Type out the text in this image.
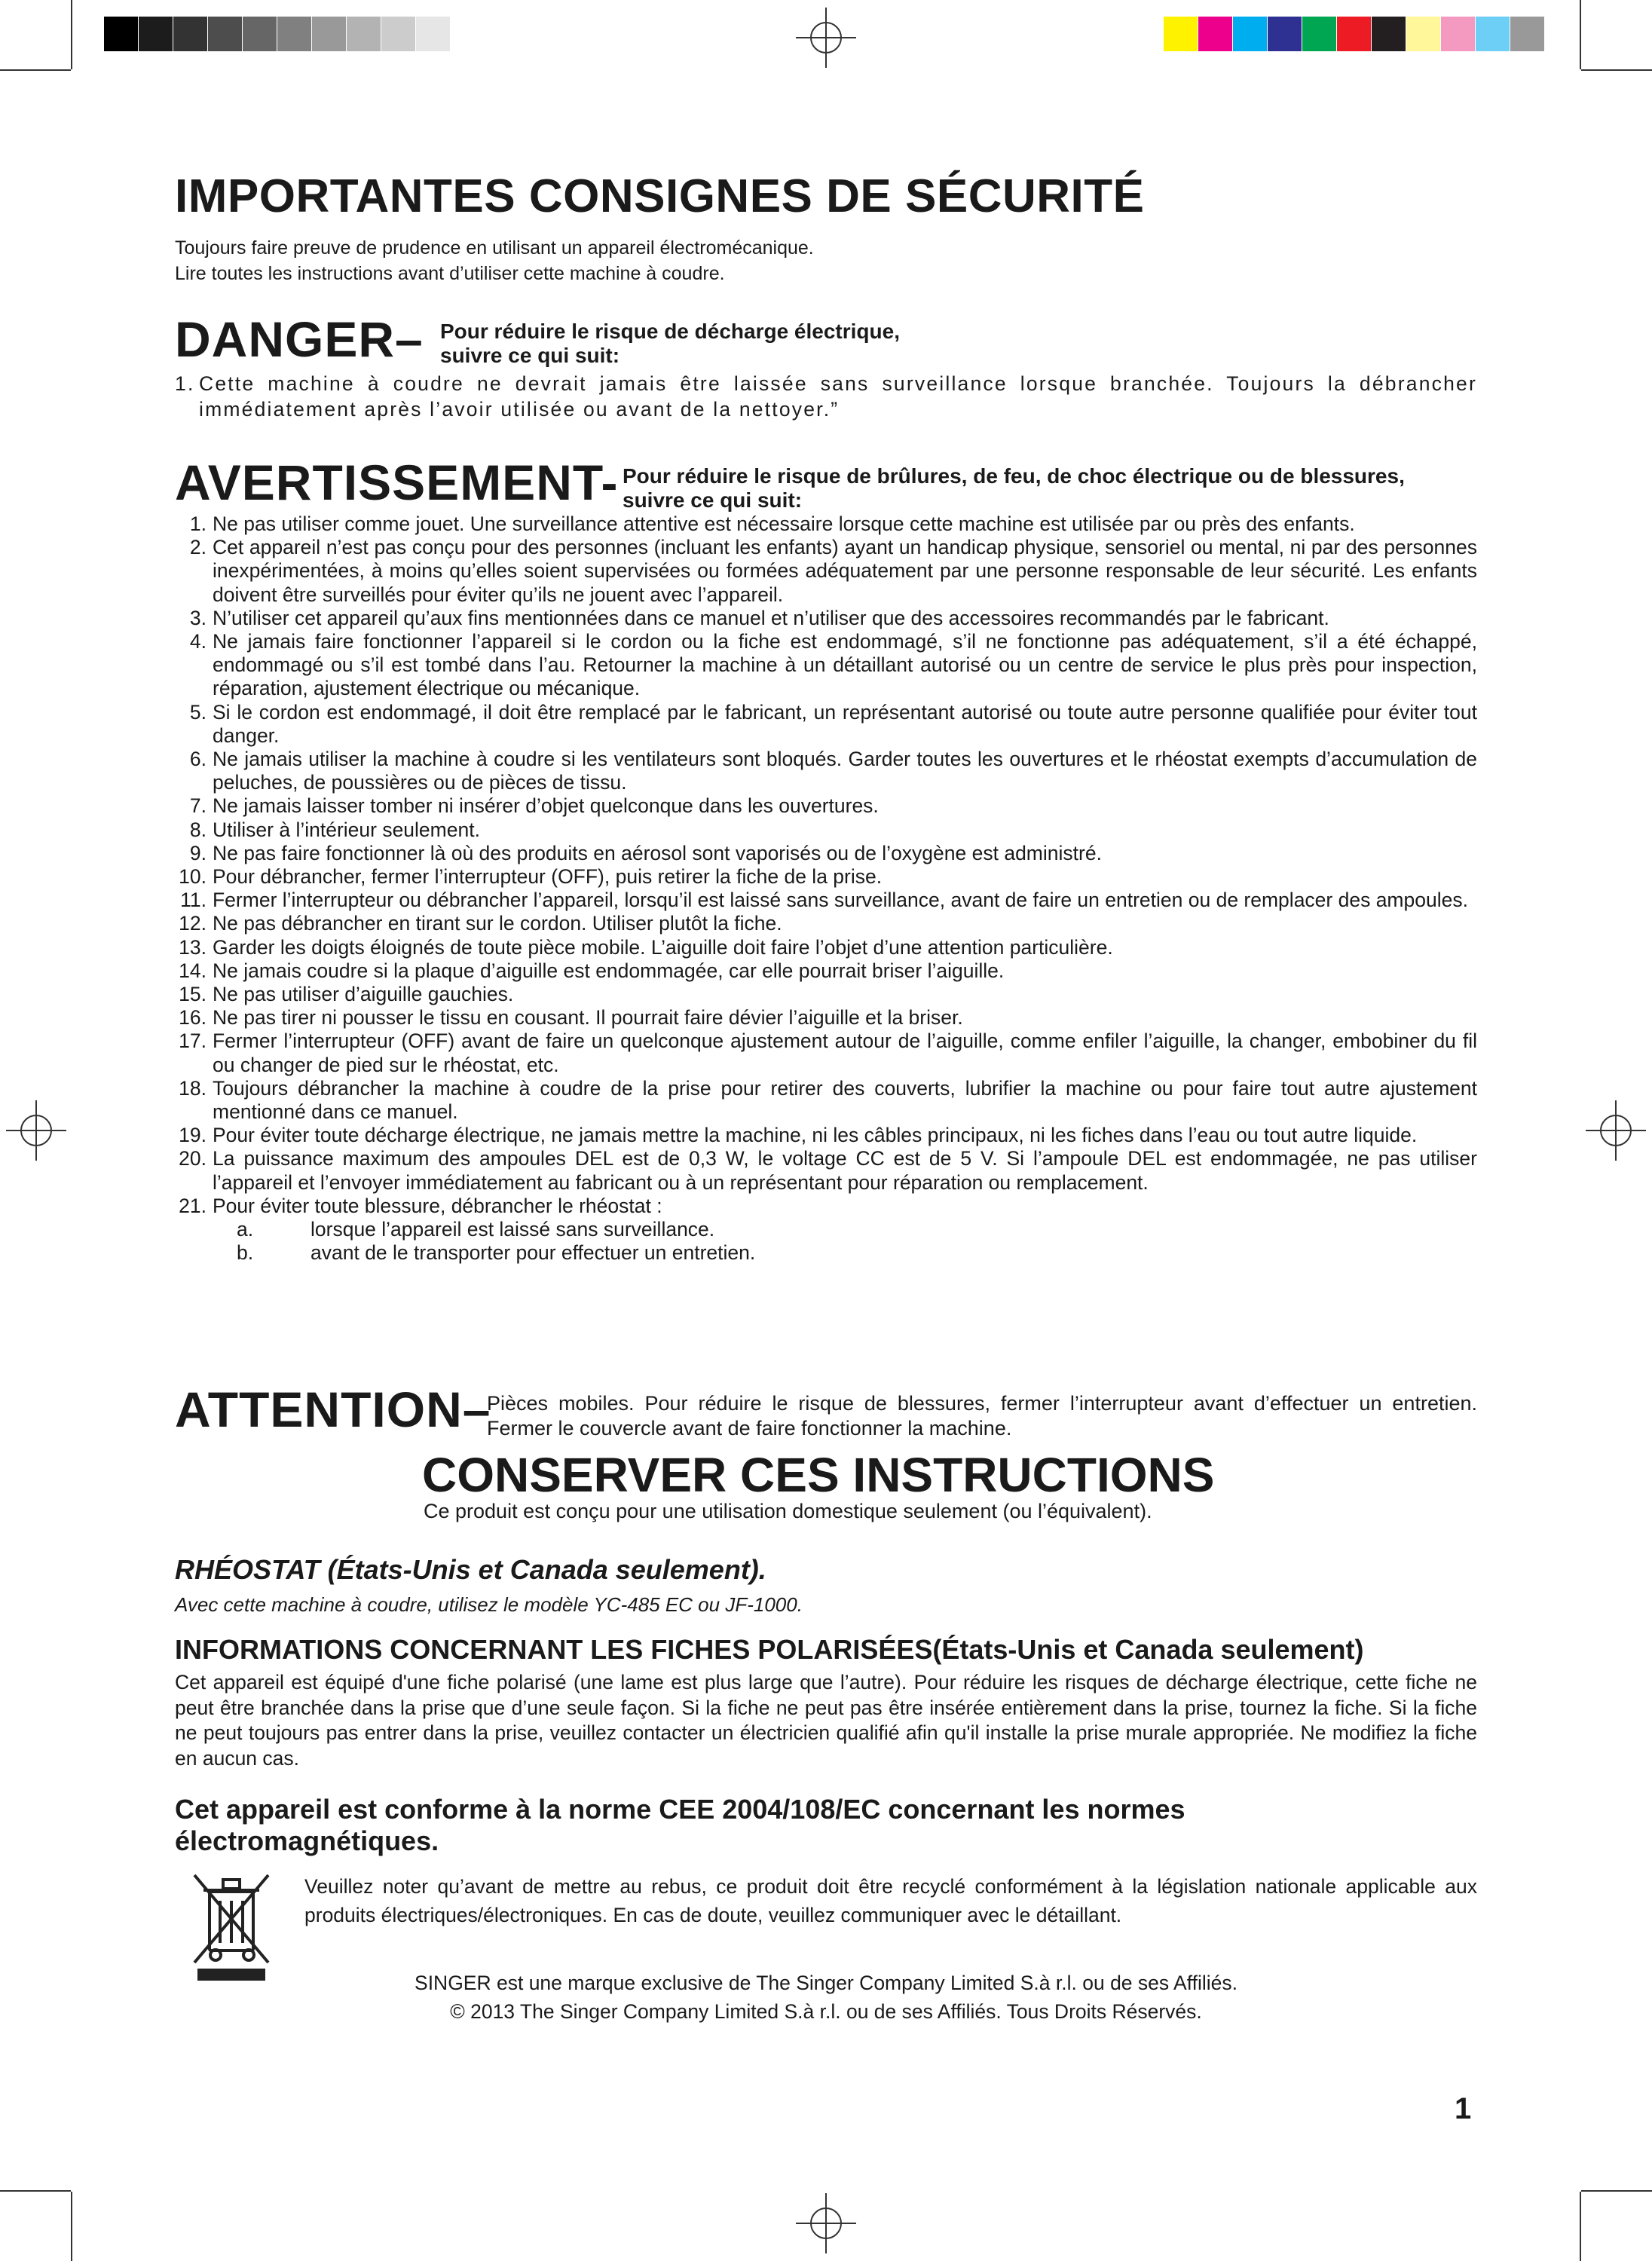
IMPORTANTES CONSIGNES DE SÉCURITÉ
Toujours faire preuve de prudence en utilisant un appareil électromécanique.
Lire toutes les instructions avant d’utiliser cette machine à coudre.
DANGER– Pour réduire le risque de décharge électrique,
suivre ce qui suit:
1. Cette machine à coudre ne devrait jamais être laissée sans surveillance lorsque branchée. Toujours la débrancher immédiatement après l’avoir utilisée ou avant de la nettoyer.”
AVERTISSEMENT- Pour réduire le risque de brûlures, de feu, de choc électrique ou de blessures,
suivre ce qui suit:
1. Ne pas utiliser comme jouet. Une surveillance attentive est nécessaire lorsque cette machine est utilisée par ou près des enfants.
2. Cet appareil n’est pas conçu pour des personnes (incluant les enfants) ayant un handicap physique, sensoriel ou mental, ni par des personnes inexpérimentées, à moins qu’elles soient supervisées ou formées adéquatement par une personne responsable de leur sécurité. Les enfants doivent être surveillés pour éviter qu’ils ne jouent avec l’appareil.
3. N’utiliser cet appareil qu’aux fins mentionnées dans ce manuel et n’utiliser que des accessoires recommandés par le fabricant.
4. Ne jamais faire fonctionner l’appareil si le cordon ou la fiche est endommagé, s’il ne fonctionne pas adéquatement, s’il a été échappé, endommagé ou s’il est tombé dans l’au. Retourner la machine à un détaillant autorisé ou un centre de service le plus près pour inspection, réparation, ajustement électrique ou mécanique.
5. Si le cordon est endommagé, il doit être remplacé par le fabricant, un représentant autorisé ou toute autre personne qualifiée pour éviter tout danger.
6. Ne jamais utiliser la machine à coudre si les ventilateurs sont bloqués. Garder toutes les ouvertures et le rhéostat exempts d’accumulation de peluches, de poussières ou de pièces de tissu.
7. Ne jamais laisser tomber ni insérer d’objet quelconque dans les ouvertures.
8. Utiliser à l’intérieur seulement.
9. Ne pas faire fonctionner là où des produits en aérosol sont vaporisés ou de l’oxygène est administré.
10. Pour débrancher, fermer l’interrupteur (OFF), puis retirer la fiche de la prise.
11. Fermer l’interrupteur ou débrancher l’appareil, lorsqu’il est laissé sans surveillance, avant de faire un entretien ou de remplacer des ampoules.
12. Ne pas débrancher en tirant sur le cordon. Utiliser plutôt la fiche.
13. Garder les doigts éloignés de toute pièce mobile. L’aiguille doit faire l’objet d’une attention particulière.
14. Ne jamais coudre si la plaque d’aiguille est endommagée, car elle pourrait briser l’aiguille.
15. Ne pas utiliser d’aiguille gauchies.
16. Ne pas tirer ni pousser le tissu en cousant. Il pourrait faire dévier l’aiguille et la briser.
17. Fermer l’interrupteur (OFF) avant de faire un quelconque ajustement autour de l’aiguille, comme enfiler l’aiguille, la changer, embobiner du fil ou changer de pied sur le rhéostat, etc.
18. Toujours débrancher la machine à coudre de la prise pour retirer des couverts, lubrifier la machine ou pour faire tout autre ajustement mentionné dans ce manuel.
19. Pour éviter toute décharge électrique, ne jamais mettre la machine, ni les câbles principaux, ni les fiches dans l’eau ou tout autre liquide.
20. La puissance maximum des ampoules DEL est de 0,3 W, le voltage CC est de 5 V. Si l’ampoule DEL est endommagée, ne pas utiliser l’appareil et l’envoyer immédiatement au fabricant ou à un représentant pour réparation ou remplacement.
21. Pour éviter toute blessure, débrancher le rhéostat :
a.	lorsque l’appareil est laissé sans surveillance.
b.	avant de le transporter pour effectuer un entretien.
ATTENTION–
Pièces mobiles. Pour réduire le risque de blessures, fermer l’interrupteur avant d’effectuer un entretien. Fermer le couvercle avant de faire fonctionner la machine.
CONSERVER CES INSTRUCTIONS
Ce produit est conçu pour une utilisation domestique seulement (ou l’équivalent).
RHÉOSTAT (États-Unis et Canada seulement).
Avec cette machine à coudre, utilisez le modèle YC-485 EC ou JF-1000.
INFORMATIONS CONCERNANT LES FICHES POLARISÉES(États-Unis et Canada seulement)
Cet appareil est équipé d'une fiche polarisé (une lame est plus large que l’autre). Pour réduire les risques de décharge électrique, cette fiche ne peut être branchée dans la prise que d’une seule façon. Si la fiche ne peut pas être insérée entièrement dans la prise, tournez la fiche. Si la fiche ne peut toujours pas entrer dans la prise, veuillez contacter un électricien qualifié afin qu'il installe la prise murale appropriée. Ne modifiez la fiche en aucun cas.
Cet appareil est conforme à la norme CEE 2004/108/EC concernant les normes
électromagnétiques.
Veuillez noter qu’avant de mettre au rebus, ce produit doit être recyclé conformément à la législation nationale applicable aux produits électriques/électroniques. En cas de doute, veuillez communiquer avec le détaillant.
SINGER est une marque exclusive de The Singer Company Limited S.à r.l. ou de ses Affiliés.
© 2013 The Singer Company Limited S.à r.l. ou de ses Affiliés. Tous Droits Réservés.
1
